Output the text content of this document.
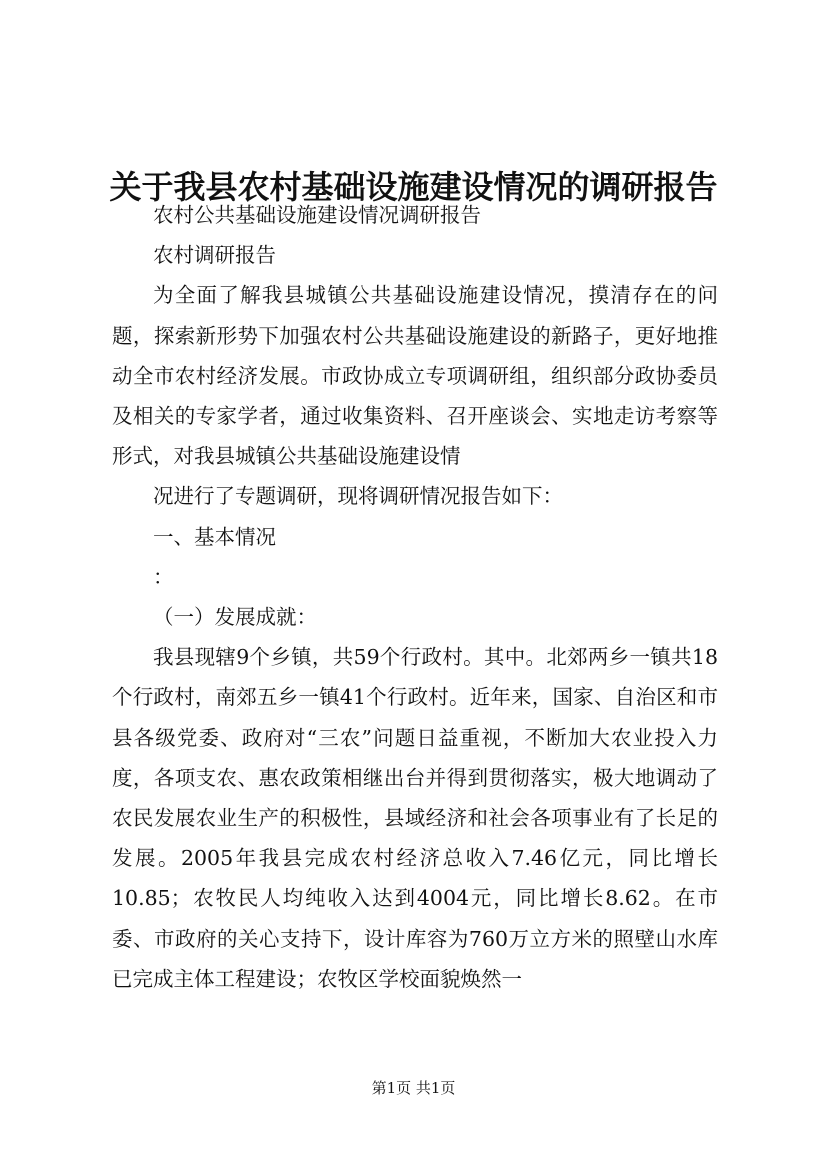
关于我县农村基础设施建设情况的调研报告

农村公共基础设施建设情况调研报告

农村调研报告

为全面了解我县城镇公共基础设施建设情况，摸清存在的问题，探索新形势下加强农村公共基础设施建设的新路子，更好地推动全市农村经济发展。市政协成立专项调研组，组织部分政协委员及相关的专家学者，通过收集资料、召开座谈会、实地走访考察等形式，对我县城镇公共基础设施建设情

况进行了专题调研，现将调研情况报告如下：

一、基本情况

：

（一）发展成就：

我县现辖9个乡镇，共59个行政村。其中。北郊两乡一镇共18个行政村，南郊五乡一镇41个行政村。近年来，国家、自治区和市县各级党委、政府对“三农”问题日益重视，不断加大农业投入力度，各项支农、惠农政策相继出台并得到贯彻落实，极大地调动了农民发展农业生产的积极性，县域经济和社会各项事业有了长足的发展。2005年我县完成农村经济总收入7.46亿元，同比增长10.85；农牧民人均纯收入达到4004元，同比增长8.62。在市委、市政府的关心支持下，设计库容为760万立方米的照壁山水库已完成主体工程建设；农牧区学校面貌焕然一

第1页 共1页
